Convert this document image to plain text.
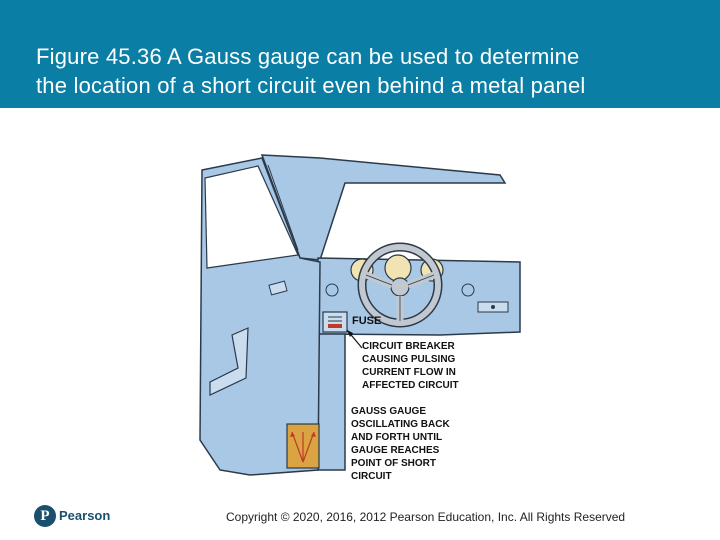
Figure 45.36 A Gauss gauge can be used to determine
the location of a short circuit even behind a metal panel
FUSE
CIRCUIT BREAKER
CAUSING PULSING
CURRENT FLOW IN
AFFECTED CIRCUIT
GAUSS GAUGE
OSCILLATING BACK
AND FORTH UNTIL
GAUGE REACHES
POINT OF SHORT
CIRCUIT
P Pearson	Copyright © 2020, 2016, 2012 Pearson Education, Inc. All Rights Reserved
